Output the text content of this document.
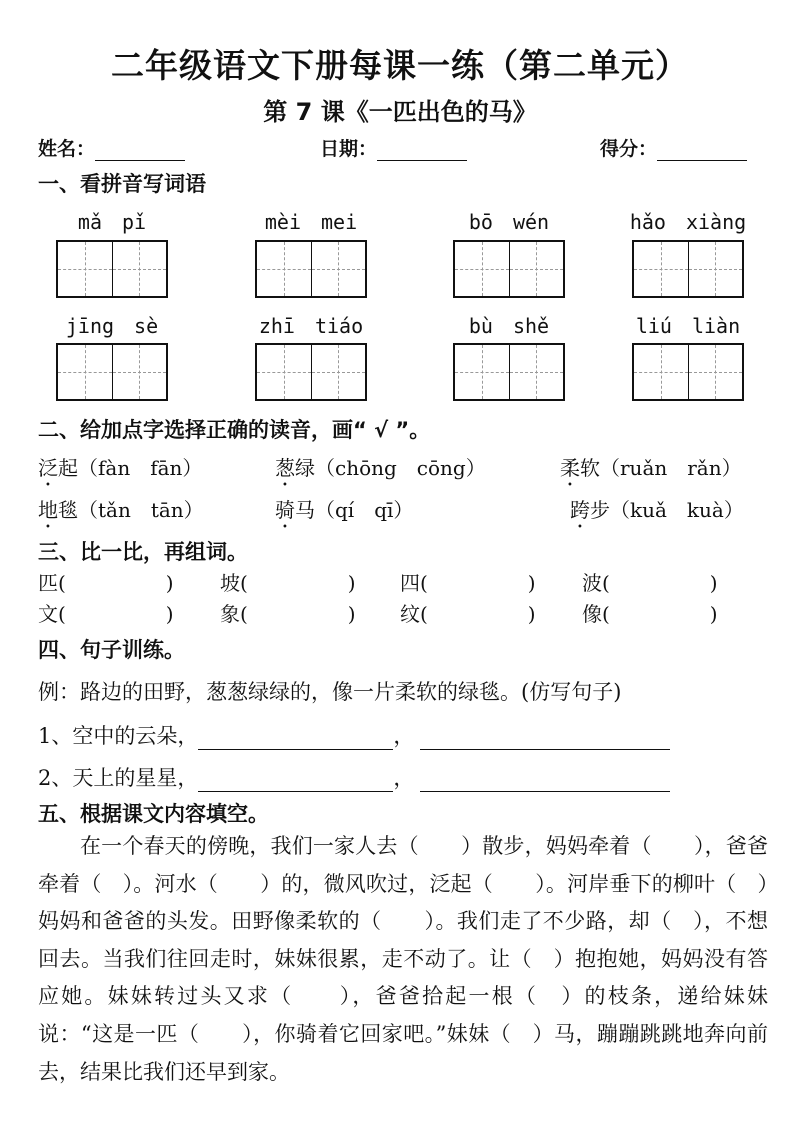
二年级语文下册每课一练（第二单元）
第 7 课《一匹出色的马》
姓名：	日期：	得分：
一、看拼音写词语
mǎ　pǐ	mèi　mei	bō　wén	hǎo　xiàng
jīng　sè	zhī　tiáo	bù　shě	liú　liàn
二、给加点字选择正确的读音，画“ √ ”。
泛起（fàn　fān）	葱绿（chōng　cōng）	柔软（ruǎn　rǎn）
地毯（tǎn　tān）	骑马（qí　qī）	跨步（kuǎ　kuà）
三、比一比，再组词。
匹(　　　　　) 坡(　　　　　) 四(　　　　　) 波(　　　　　)
文(　　　　　) 象(　　　　　) 纹(　　　　　) 像(　　　　　)
四、句子训练。
例：路边的田野，葱葱绿绿的，像一片柔软的绿毯。(仿写句子)
1、空中的云朵，	，
2、天上的星星，	，
五、根据课文内容填空。

在一个春天的傍晚，我们一家人去（　　）散步，妈妈牵着（　　），爸爸牵着（　）。河水（　　）的，微风吹过，泛起（　　）。河岸垂下的柳叶（　）妈妈和爸爸的头发。田野像柔软的（　　）。我们走了不少路，却（　），不想回去。当我们往回走时，妹妹很累，走不动了。让（　）抱抱她，妈妈没有答应她。妹妹转过头又求（　　），爸爸拾起一根（　）的枝条，递给妹妹说：“这是一匹（　　），你骑着它回家吧。”妹妹（　）马，蹦蹦跳跳地奔向前去，结果比我们还早到家。
